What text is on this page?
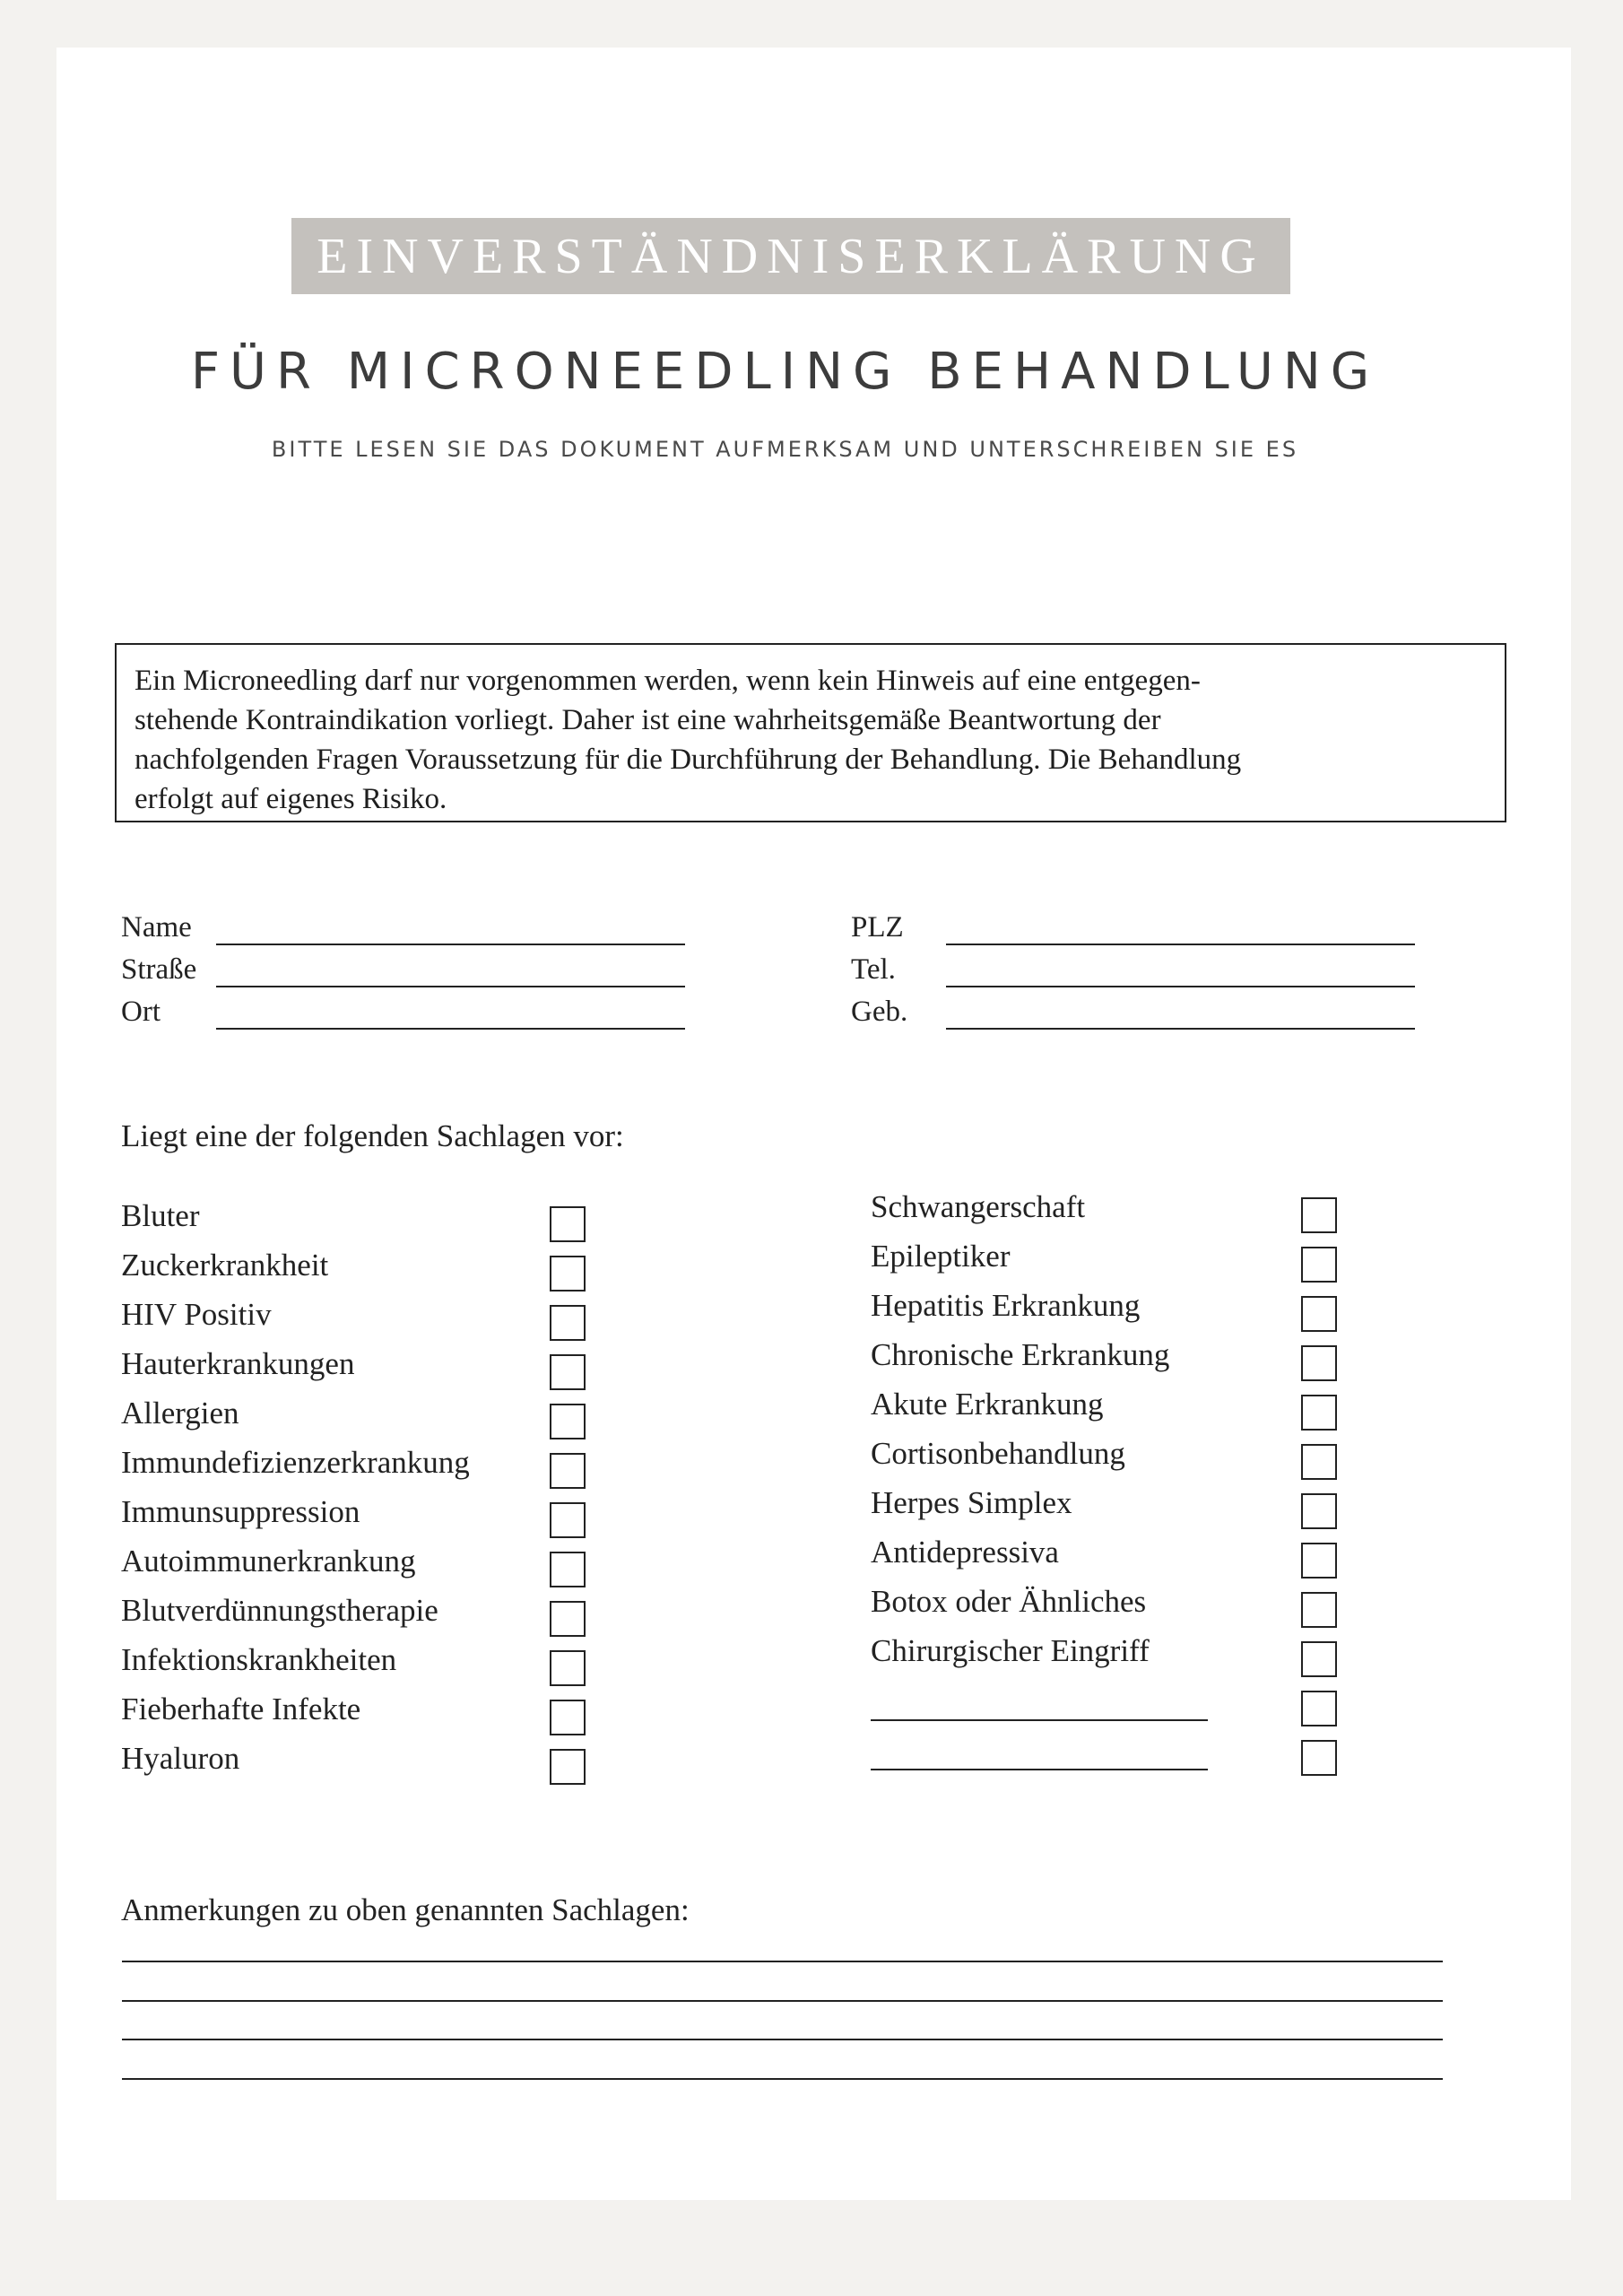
EINVERSTÄNDNISERKLÄRUNG
FÜR MICRONEEDLING BEHANDLUNG
BITTE LESEN SIE DAS DOKUMENT AUFMERKSAM UND UNTERSCHREIBEN SIE ES

Ein Microneedling darf nur vorgenommen werden, wenn kein Hinweis auf eine entgegen-

stehende Kontraindikation vorliegt. Daher ist eine wahrheitsgemäße Beantwortung der

nachfolgenden Fragen Voraussetzung für die Durchführung der Behandlung. Die Behandlung

erfolgt auf eigenes Risiko.

Name
Straße
Ort
PLZ
Tel.
Geb.
Liegt eine der folgenden Sachlagen vor:
Bluter
Zuckerkrankheit
HIV Positiv
Hauterkrankungen
Allergien
Immundefizienzerkrankung
Immunsuppression
Autoimmunerkrankung
Blutverdünnungstherapie
Infektionskrankheiten
Fieberhafte Infekte
Hyaluron
Schwangerschaft
Epileptiker
Hepatitis Erkrankung
Chronische Erkrankung
Akute Erkrankung
Cortisonbehandlung
Herpes Simplex
Antidepressiva
Botox oder Ähnliches
Chirurgischer Eingriff
Anmerkungen zu oben genannten Sachlagen:
